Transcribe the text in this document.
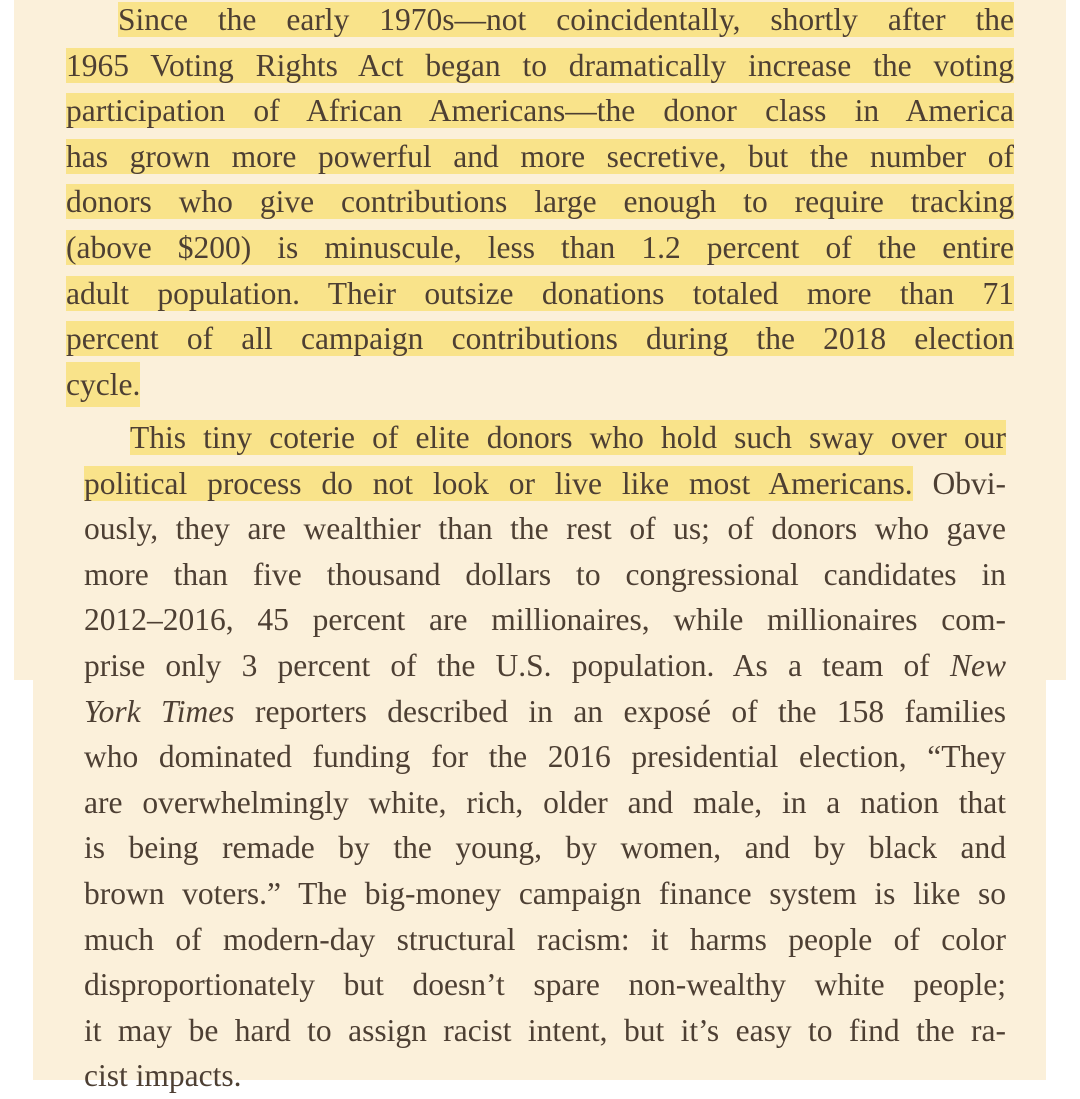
Since the early 1970s—not coincidentally, shortly after the
1965 Voting Rights Act began to dramatically increase the voting
participation of African Americans—the donor class in America
has grown more powerful and more secretive, but the number of
donors who give contributions large enough to require tracking
(above $200) is minuscule, less than 1.2 percent of the entire
adult population. Their outsize donations totaled more than 71
percent of all campaign contributions during the 2018 election
cycle.
This tiny coterie of elite donors who hold such sway over our
political process do not look or live like most Americans. Obvi-
ously, they are wealthier than the rest of us; of donors who gave
more than five thousand dollars to congressional candidates in
2012–2016, 45 percent are millionaires, while millionaires com-
prise only 3 percent of the U.S. population. As a team of New
York Times reporters described in an exposé of the 158 families
who dominated funding for the 2016 presidential election, “They
are overwhelmingly white, rich, older and male, in a nation that
is being remade by the young, by women, and by black and
brown voters.” The big-money campaign finance system is like so
much of modern-day structural racism: it harms people of color
disproportionately but doesn’t spare non-wealthy white people;
it may be hard to assign racist intent, but it’s easy to find the ra-
cist impacts.
